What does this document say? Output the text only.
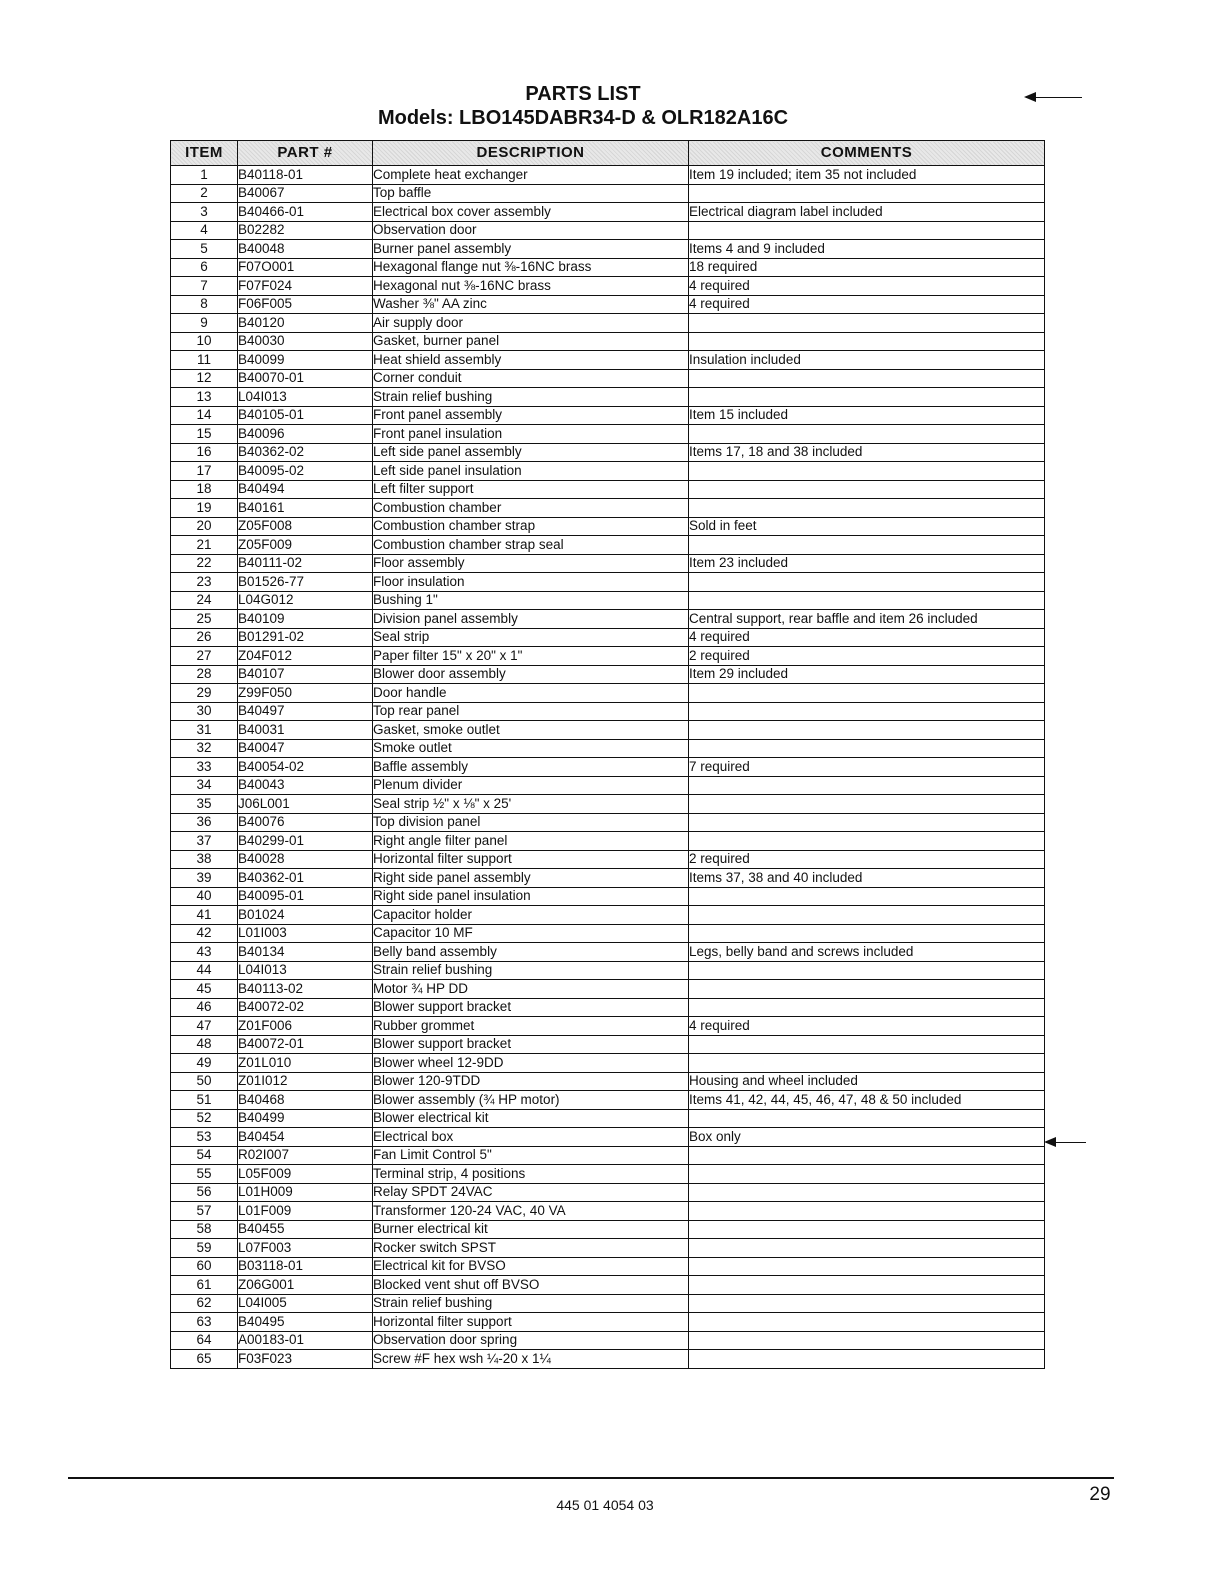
PARTS LIST
Models: LBO145DABR34-D & OLR182A16C
ITEM	PART #	DESCRIPTION	COMMENTS
1	B40118-01	Complete heat exchanger	Item 19 included; item 35 not included
2	B40067	Top baffle	
3	B40466-01	Electrical box cover assembly	Electrical diagram label included
4	B02282	Observation door	
5	B40048	Burner panel assembly	Items 4 and 9 included
6	F07O001	Hexagonal flange nut ⅜-16NC brass	18 required
7	F07F024	Hexagonal nut ⅜-16NC brass	4 required
8	F06F005	Washer ⅜" AA zinc	4 required
9	B40120	Air supply door	
10	B40030	Gasket, burner panel	
11	B40099	Heat shield assembly	Insulation included
12	B40070-01	Corner conduit	
13	L04I013	Strain relief bushing	
14	B40105-01	Front panel assembly	Item 15 included
15	B40096	Front panel insulation	
16	B40362-02	Left side panel assembly	Items 17, 18 and 38 included
17	B40095-02	Left side panel insulation	
18	B40494	Left filter support	
19	B40161	Combustion chamber	
20	Z05F008	Combustion chamber strap	Sold in feet
21	Z05F009	Combustion chamber strap seal	
22	B40111-02	Floor assembly	Item 23 included
23	B01526-77	Floor insulation	
24	L04G012	Bushing 1"	
25	B40109	Division panel assembly	Central support, rear baffle and item 26 included
26	B01291-02	Seal strip	4 required
27	Z04F012	Paper filter 15" x 20" x 1"	2 required
28	B40107	Blower door assembly	Item 29 included
29	Z99F050	Door handle	
30	B40497	Top rear panel	
31	B40031	Gasket, smoke outlet	
32	B40047	Smoke outlet	
33	B40054-02	Baffle assembly	7 required
34	B40043	Plenum divider	
35	J06L001	Seal strip ½" x ⅛" x 25'	
36	B40076	Top division panel	
37	B40299-01	Right angle filter panel	
38	B40028	Horizontal filter support	2 required
39	B40362-01	Right side panel assembly	Items 37, 38 and 40 included
40	B40095-01	Right side panel insulation	
41	B01024	Capacitor holder	
42	L01I003	Capacitor 10 MF	
43	B40134	Belly band assembly	Legs, belly band and screws included
44	L04I013	Strain relief bushing	
45	B40113-02	Motor ¾ HP DD	
46	B40072-02	Blower support bracket	
47	Z01F006	Rubber grommet	4 required
48	B40072-01	Blower support bracket	
49	Z01L010	Blower wheel 12-9DD	
50	Z01I012	Blower 120-9TDD	Housing and wheel included
51	B40468	Blower assembly (¾ HP motor)	Items 41, 42, 44, 45, 46, 47, 48 & 50 included
52	B40499	Blower electrical kit	
53	B40454	Electrical box	Box only
54	R02I007	Fan Limit Control 5"	
55	L05F009	Terminal strip, 4 positions	
56	L01H009	Relay SPDT 24VAC	
57	L01F009	Transformer 120-24 VAC, 40 VA	
58	B40455	Burner electrical kit	
59	L07F003	Rocker switch SPST	
60	B03118-01	Electrical kit for BVSO	
61	Z06G001	Blocked vent shut off BVSO	
62	L04I005	Strain relief bushing	
63	B40495	Horizontal filter support	
64	A00183-01	Observation door spring	
65	F03F023	Screw #F hex wsh ¼-20 x 1¼	
445 01 4054 03	29
